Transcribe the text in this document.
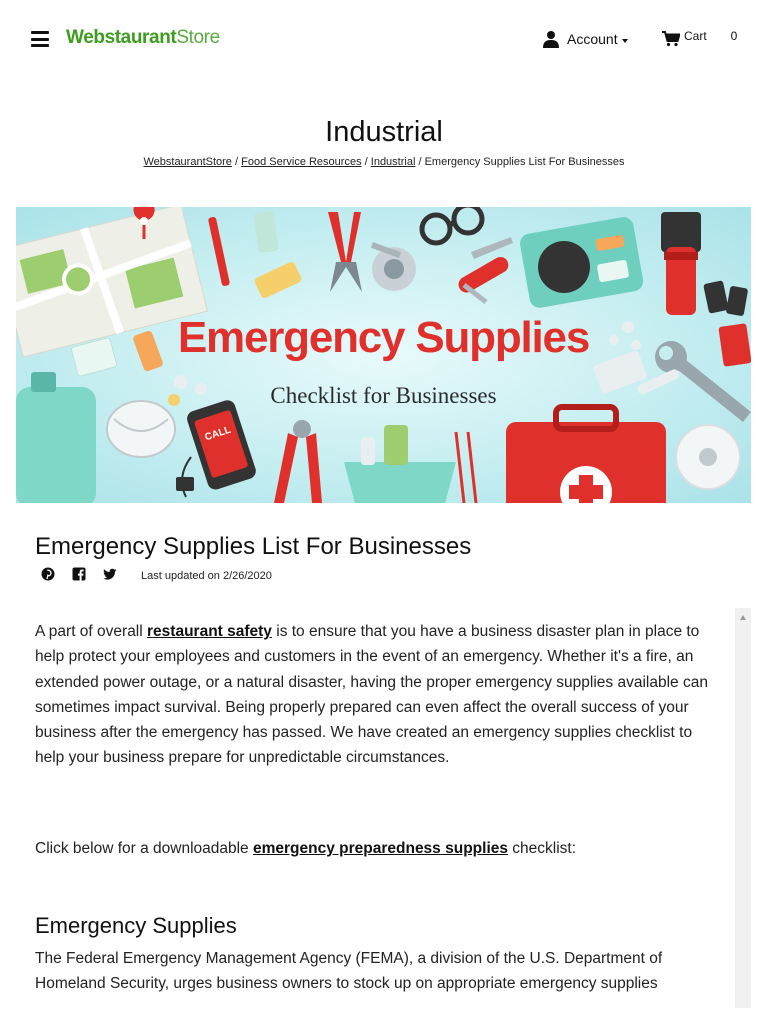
WebstaurantStore	Account	Cart 0
Industrial
WebstaurantStore / Food Service Resources / Industrial / Emergency Supplies List For Businesses
CALL
Emergency Supplies
Checklist for Businesses
Emergency Supplies List For Businesses
Last updated on 2/26/2020
A part of overall restaurant safety is to ensure that you have a business disaster plan in place to help protect your employees and customers in the event of an emergency. Whether it's a fire, an extended power outage, or a natural disaster, having the proper emergency supplies available can sometimes impact survival. Being properly prepared can even affect the overall success of your business after the emergency has passed. We have created an emergency supplies checklist to help your business prepare for unpredictable circumstances.
Click below for a downloadable emergency preparedness supplies checklist:
Emergency Supplies
The Federal Emergency Management Agency (FEMA), a division of the U.S. Department of Homeland Security, urges business owners to stock up on appropriate emergency supplies
